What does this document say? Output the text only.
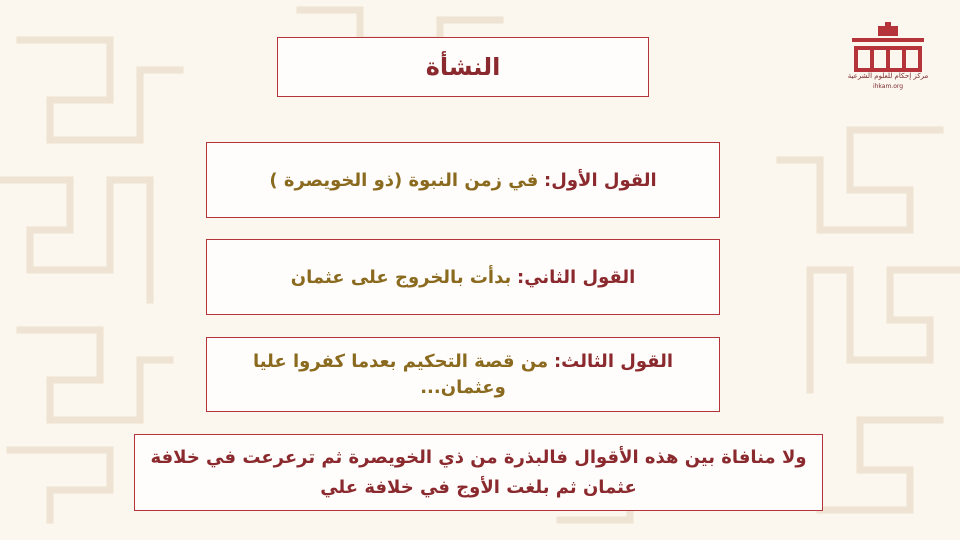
مركز إحكام للعلوم الشرعية
ihkam.org
النشأة
القول الأول: في زمن النبوة (ذو الخويصرة )
القول الثاني: بدأت بالخروج على عثمان
القول الثالث: من قصة التحكيم بعدما كفروا عليا وعثمان...
ولا منافاة بين هذه الأقوال فالبذرة من ذي الخويصرة ثم ترعرعت في خلافة عثمان ثم بلغت الأوج في خلافة علي
